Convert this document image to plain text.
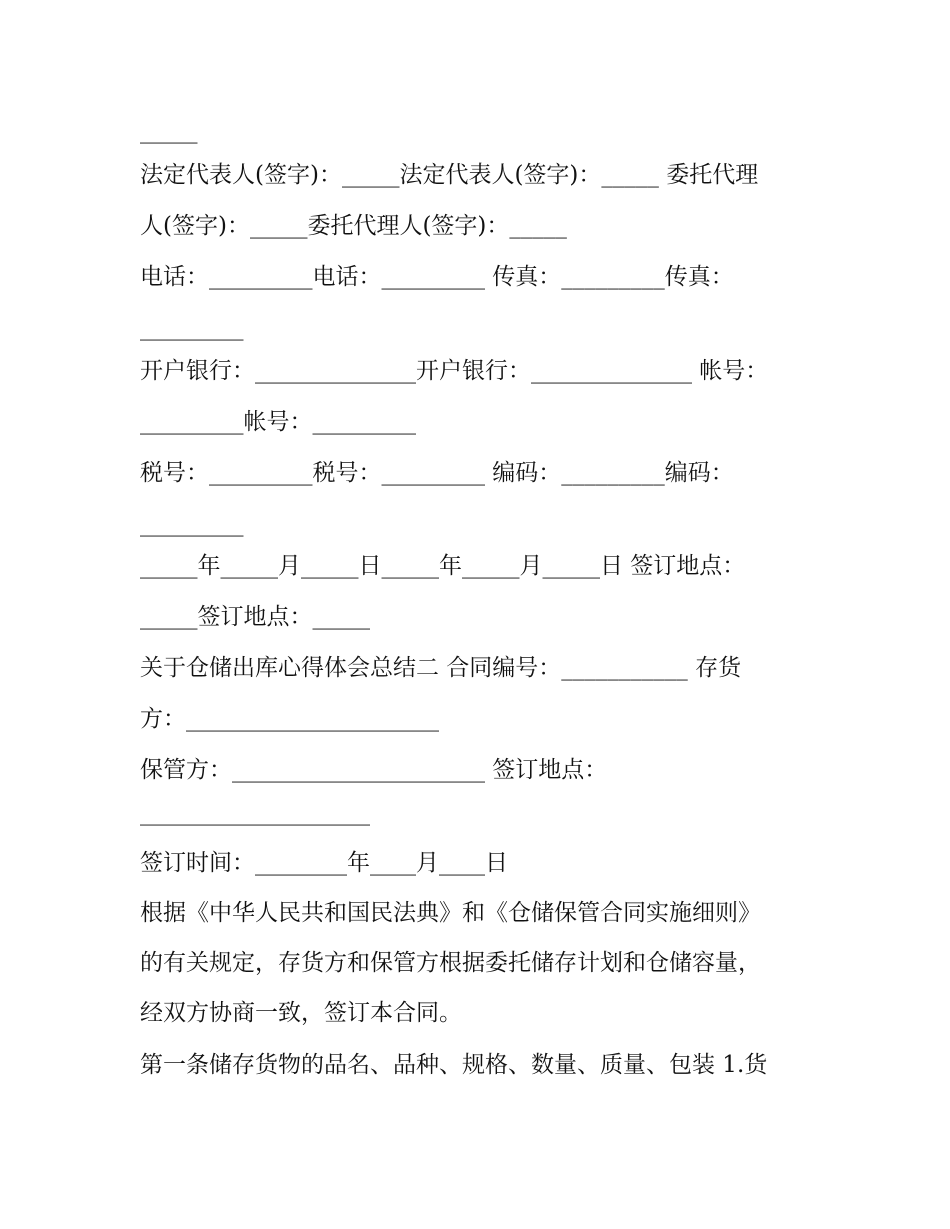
_____
法定代表人(签字)：_____法定代表人(签字)：_____ 委托代理
人(签字)：_____委托代理人(签字)：_____
电话：_________电话：_________ 传真：_________传真：
_________
开户银行：______________开户银行：______________ 帐号：
_________帐号：_________
税号：_________税号：_________ 编码：_________编码：
_________
_____年_____月_____日_____年_____月_____日 签订地点：
_____签订地点：_____
关于仓储出库心得体会总结二 合同编号：___________ 存货
方：______________________
保管方：______________________ 签订地点：
____________________
签订时间：________年____月____日
根据《中华人民共和国民法典》和《仓储保管合同实施细则》
的有关规定，存货方和保管方根据委托储存计划和仓储容量，
经双方协商一致，签订本合同。
第一条储存货物的品名、品种、规格、数量、质量、包装 1.货
